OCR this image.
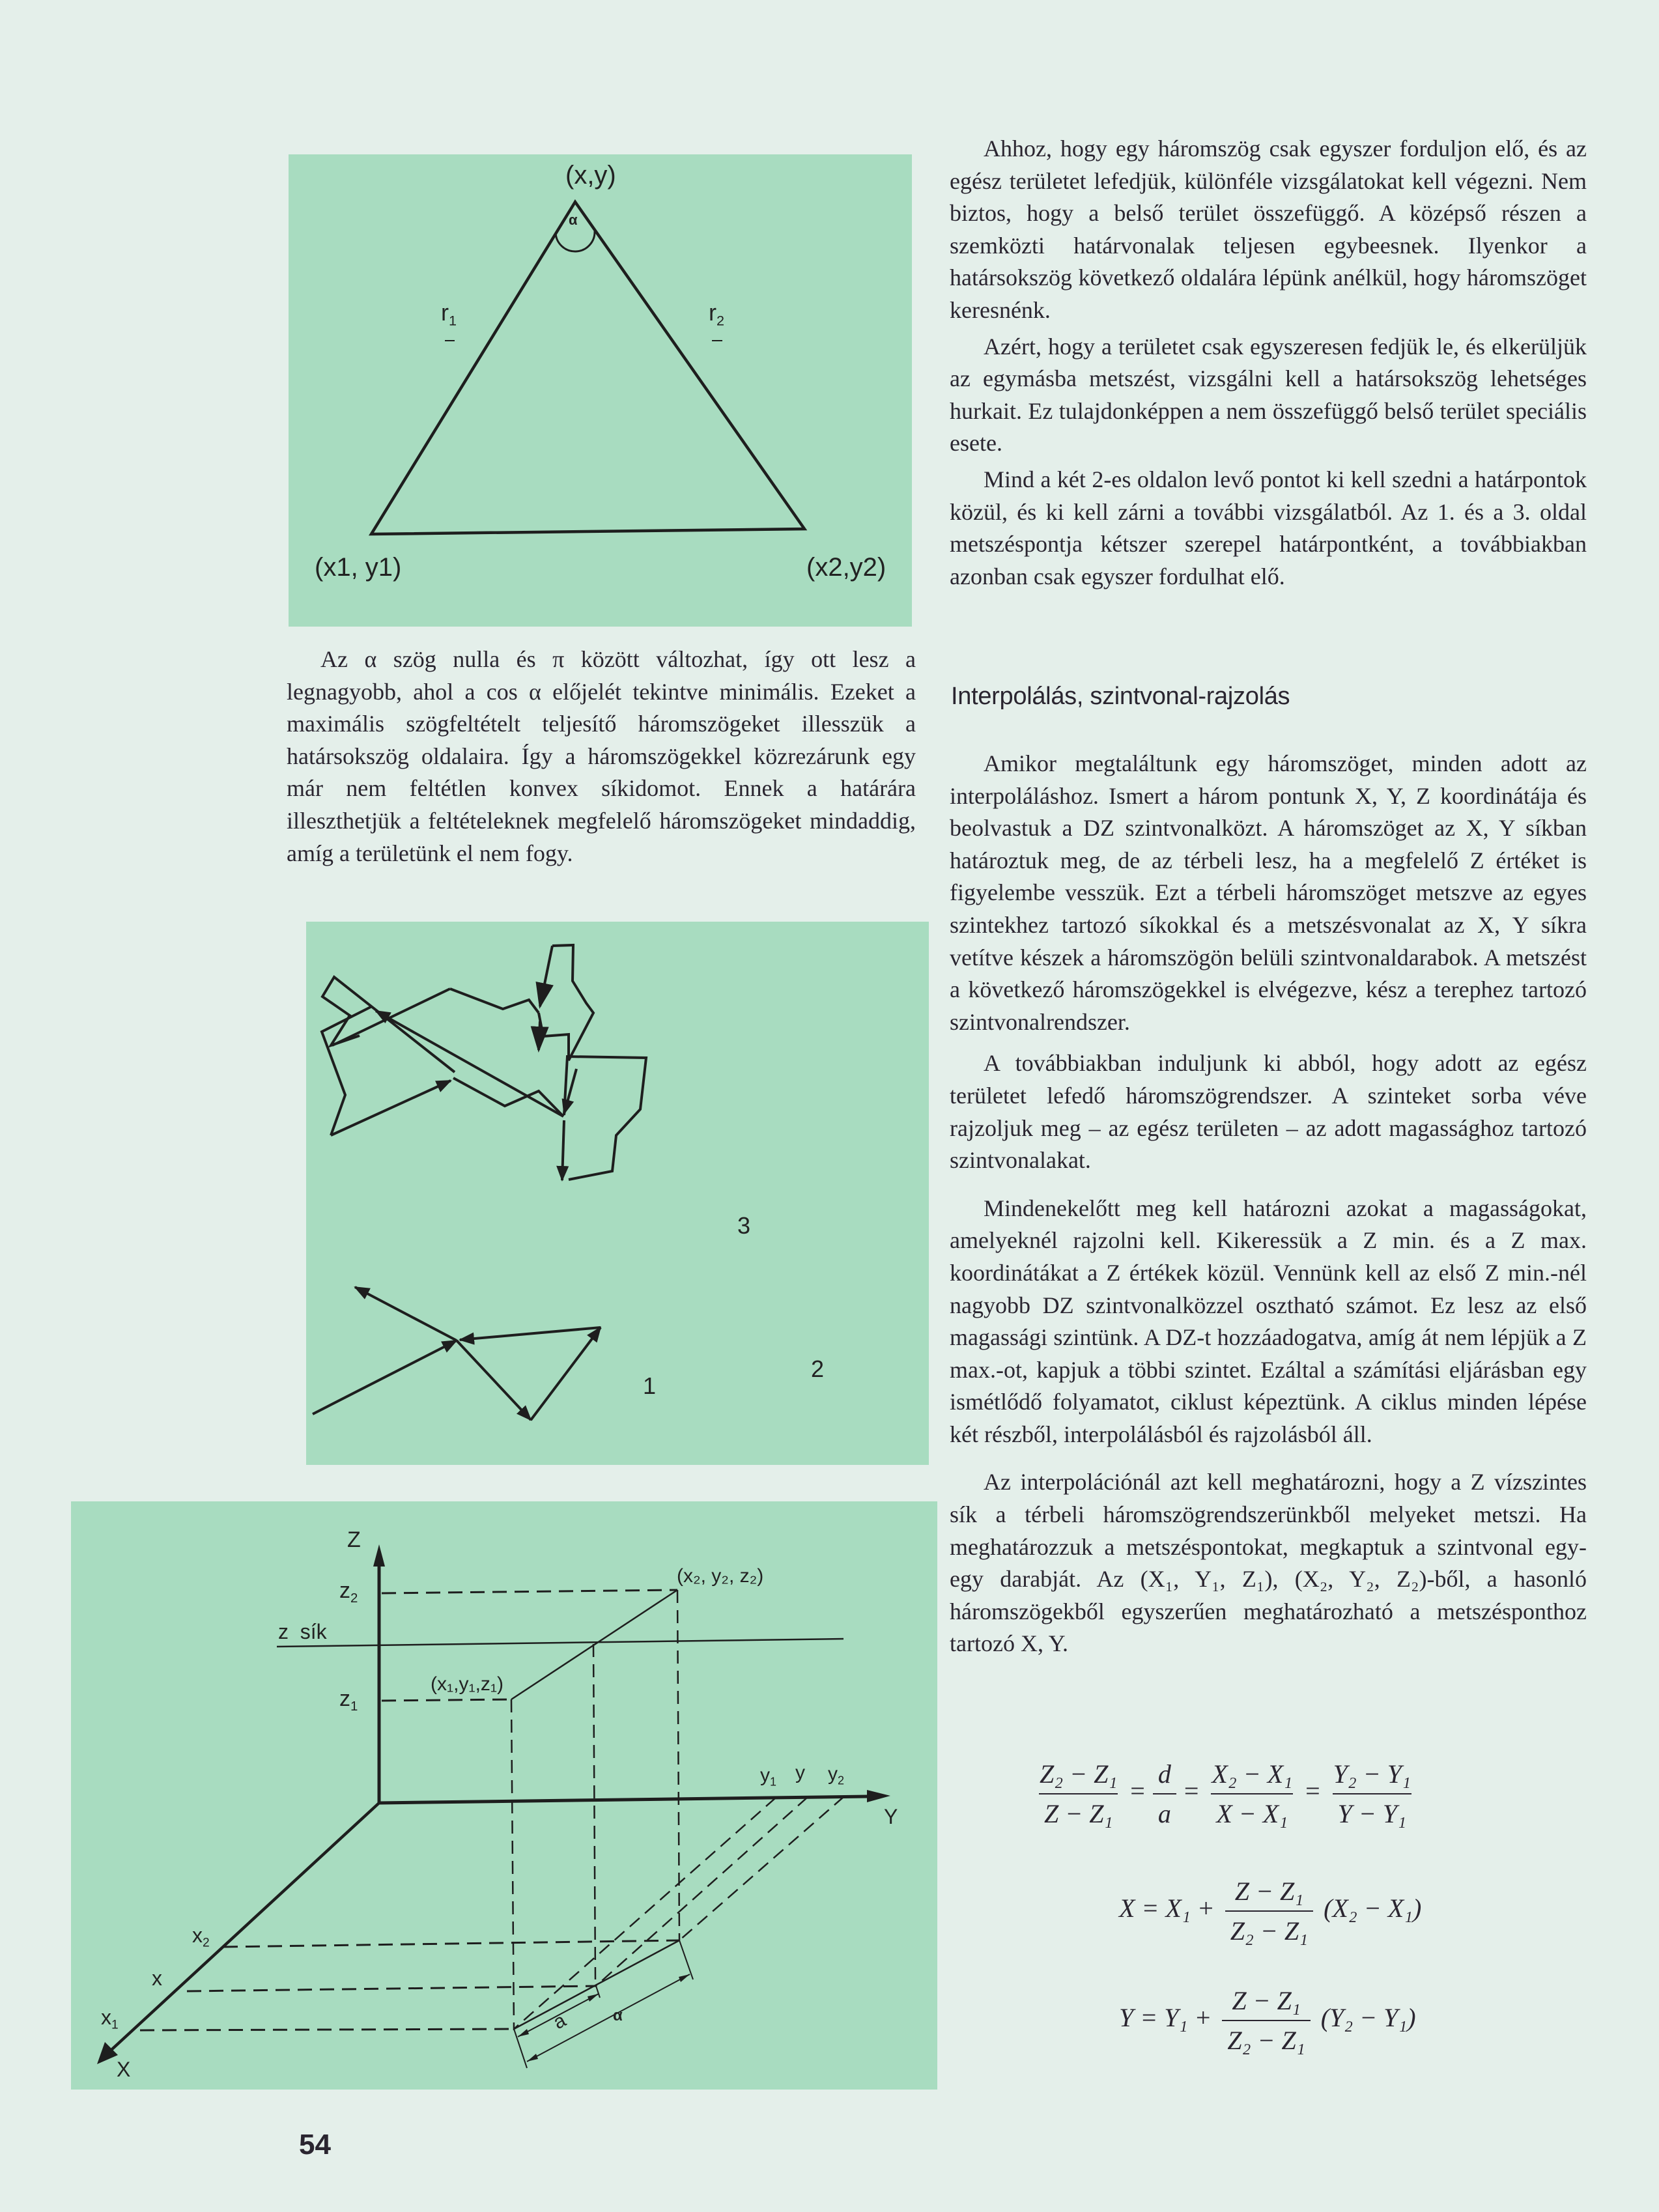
(x,y)
α
$r_1$	$r_2$
(x1, y1)	(x2,y2)

Az α szög nulla és π között változhat, így ott lesz a legnagyobb, ahol a cos α előjelét tekintve minimális. Ezeket a maximális szögfeltételt teljesítő háromszögeket illesszük a határsokszög oldalaira. Így a háromszögekkel közrezárunk egy már nem feltétlen konvex síkidomot. Ennek a határára illeszthetjük a feltételeknek megfelelő háromszögeket mindaddig, amíg a területünk el nem fogy.

3
1
2
Z
$z_2$
z  sík
$z_1$
(x₁,y₁,z₁)
(x₂, y₂, z₂)
$y_1$ y $y_2$
Y
$x_2$
x
$x_1$
X
a	α

Ahhoz, hogy egy háromszög csak egyszer forduljon elő, és az egész területet lefedjük, különféle vizsgálatokat kell végezni. Nem biztos, hogy a belső terület összefüggő. A középső részen a szemközti határvonalak teljesen egybeesnek. Ilyenkor a határsokszög következő oldalára lépünk anélkül, hogy háromszöget keresnénk.

Azért, hogy a területet csak egyszeresen fedjük le, és elkerüljük az egymásba metszést, vizsgálni kell a határsokszög lehetséges hurkait. Ez tulajdonképpen a nem összefüggő belső terület speciális esete.

Mind a két 2-es oldalon levő pontot ki kell szedni a határpontok közül, és ki kell zárni a további vizsgálatból. Az 1. és a 3. oldal metszéspontja kétszer szerepel határpontként, a továbbiakban azonban csak egyszer fordulhat elő.

Interpolálás, szintvonal-rajzolás

Amikor megtaláltunk egy háromszöget, minden adott az interpoláláshoz. Ismert a három pontunk X, Y, Z koordinátája és beolvastuk a DZ szintvonalközt. A háromszöget az X, Y síkban határoztuk meg, de az térbeli lesz, ha a megfelelő Z értéket is figyelembe vesszük. Ezt a térbeli háromszöget metszve az egyes szintekhez tartozó síkokkal és a metszésvonalat az X, Y síkra vetítve készek a háromszögön belüli szintvonaldarabok. A metszést a következő háromszögekkel is elvégezve, kész a terephez tartozó szintvonalrendszer.

A továbbiakban induljunk ki abból, hogy adott az egész területet lefedő háromszögrendszer. A szinteket sorba véve rajzoljuk meg – az egész területen – az adott magassághoz tartozó szintvonalakat.

Mindenekelőtt meg kell határozni azokat a magasságokat, amelyeknél rajzolni kell. Kikeressük a Z min. és a Z max. koordinátákat a Z értékek közül. Vennünk kell az első Z min.-nél nagyobb DZ szintvonalközzel osztható számot. Ez lesz az első magassági szintünk. A DZ-t hozzáadogatva, amíg át nem lépjük a Z max.-ot, kapjuk a többi szintet. Ezáltal a számítási eljárásban egy ismétlődő folyamatot, ciklust képeztünk. A ciklus minden lépése két részből, interpolálásból és rajzolásból áll.

Az interpolációnál azt kell meghatározni, hogy a Z vízszintes sík a térbeli háromszögrendszerünkből melyeket metszi. Ha meghatározzuk a metszéspontokat, megkaptuk a szintvonal egy-egy darabját. Az (X₁, Y₁, Z₁), (X₂, Y₂, Z₂)-ből, a hasonló háromszögekből egyszerűen meghatározható a metszésponthoz tartozó X, Y.

$\frac{\text{Z₂ − Z₁}}{\text{Z − Z₁}} = \frac{d}{a} = \frac{\text{X₂ − X₁}}{\text{X − X₁}} = \frac{\text{Y₂ − Y₁}}{\text{Y − Y₁}}$
$X = X_1 + \frac{\text{Z − Z₁}}{\text{Z₂ − Z₁}} (X_2 - X_1)$
$Y = Y_1 + \frac{\text{Z − Z₁}}{\text{Z₂ − Z₁}} (Y_2 - Y_1)$
54
